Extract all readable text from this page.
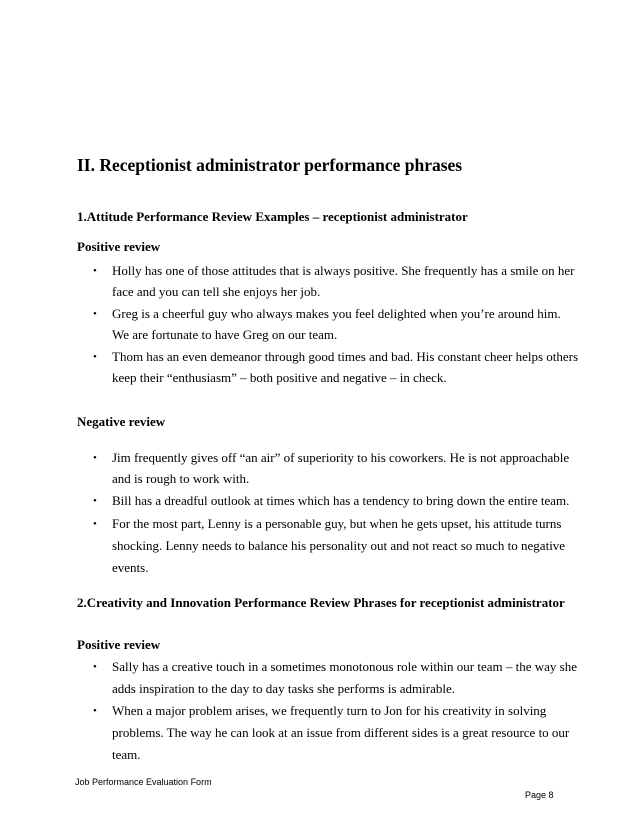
II. Receptionist administrator performance phrases
1.Attitude Performance Review Examples – receptionist administrator
Positive review
• Holly has one of those attitudes that is always positive. She frequently has a smile on her
face and you can tell she enjoys her job.
• Greg is a cheerful guy who always makes you feel delighted when you’re around him.
We are fortunate to have Greg on our team.
• Thom has an even demeanor through good times and bad. His constant cheer helps others
keep their “enthusiasm” – both positive and negative – in check.
Negative review
• Jim frequently gives off “an air” of superiority to his coworkers. He is not approachable
and is rough to work with.
• Bill has a dreadful outlook at times which has a tendency to bring down the entire team.
• For the most part, Lenny is a personable guy, but when he gets upset, his attitude turns
shocking. Lenny needs to balance his personality out and not react so much to negative
events.
2.Creativity and Innovation Performance Review Phrases for receptionist administrator
Positive review
• Sally has a creative touch in a sometimes monotonous role within our team – the way she
adds inspiration to the day to day tasks she performs is admirable.
• When a major problem arises, we frequently turn to Jon for his creativity in solving
problems. The way he can look at an issue from different sides is a great resource to our
team.
Job Performance Evaluation Form
Page 8
